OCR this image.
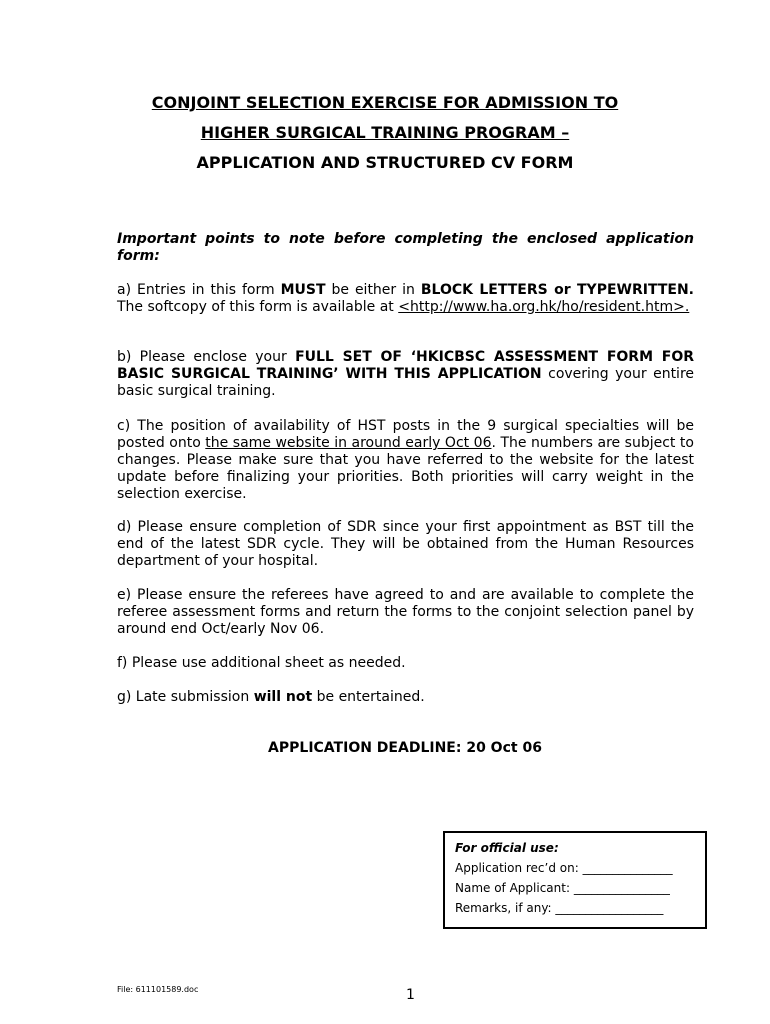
CONJOINT SELECTION EXERCISE FOR ADMISSION TO

HIGHER SURGICAL TRAINING PROGRAM –

APPLICATION AND STRUCTURED CV FORM

Important points to note before completing the enclosed application form:

a) Entries in this form MUST be either in BLOCK LETTERS or TYPEWRITTEN. The softcopy of this form is available at <http://www.ha.org.hk/ho/resident.htm>.

b) Please enclose your FULL SET OF ‘HKICBSC ASSESSMENT FORM FOR BASIC SURGICAL TRAINING’ WITH THIS APPLICATION covering your entire basic surgical training.

c) The position of availability of HST posts in the 9 surgical specialties will be posted onto the same website in around early Oct 06. The numbers are subject to changes. Please make sure that you have referred to the website for the latest update before finalizing your priorities. Both priorities will carry weight in the selection exercise.

d) Please ensure completion of SDR since your first appointment as BST till the end of the latest SDR cycle. They will be obtained from the Human Resources department of your hospital.

e) Please ensure the referees have agreed to and are available to complete the referee assessment forms and return the forms to the conjoint selection panel by around end Oct/early Nov 06.

f) Please use additional sheet as needed.

g) Late submission will not be entertained.

APPLICATION DEADLINE: 20 Oct 06

For official use:
Application rec’d on: _______________
Name of Applicant: ________________
Remarks, if any: __________________
File: 611101589.doc	1
